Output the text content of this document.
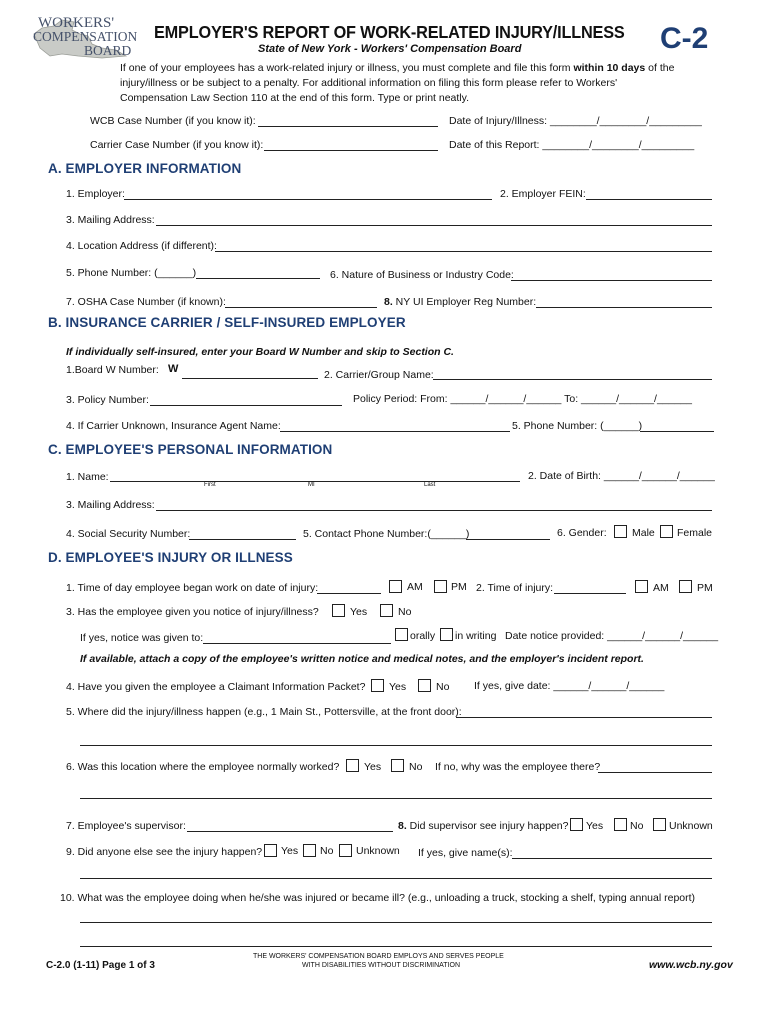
WORKERS'
COMPENSATION
BOARD
EMPLOYER'S REPORT OF WORK-RELATED INJURY/ILLNESS
State of New York - Workers' Compensation Board	C-2
If one of your employees has a work-related injury or illness, you must complete and file this form within 10 days of the
injury/illness or be subject to a penalty. For additional information on filing this form please refer to Workers'
Compensation Law Section 110 at the end of this form. Type or print neatly.
WCB Case Number (if you know it):	Date of Injury/Illness: ________/________/_________
Carrier Case Number (if you know it):	Date of this Report: ________/________/_________
A. EMPLOYER INFORMATION
1. Employer:	2. Employer FEIN:
3. Mailing Address:
4. Location Address (if different):
5. Phone Number: (______)	6. Nature of Business or Industry Code:
7. OSHA Case Number (if known):	8. NY UI Employer Reg Number:
B. INSURANCE CARRIER / SELF-INSURED EMPLOYER
If individually self-insured, enter your Board W Number and skip to Section C.
1.Board W Number: W	2. Carrier/Group Name:
3. Policy Number:	Policy Period: From: ______/______/______ To: ______/______/______
4. If Carrier Unknown, Insurance Agent Name:	5. Phone Number: (______)
C. EMPLOYEE'S PERSONAL INFORMATION
1. Name:
First	MI	Last
2. Date of Birth: ______/______/______
3. Mailing Address:
4. Social Security Number:	5. Contact Phone Number:(______)	6. Gender: Male Female
D. EMPLOYEE'S INJURY OR ILLNESS
1. Time of day employee began work on date of injury:	AM	PM 2. Time of injury:	AM	PM
3. Has the employee given you notice of injury/illness?	Yes	No
If yes, notice was given to:	orally in writing Date notice provided: ______/______/______
If available, attach a copy of the employee's written notice and medical notes, and the employer's incident report.
4. Have you given the employee a Claimant Information Packet? Yes	No If yes, give date: ______/______/______
5. Where did the injury/illness happen (e.g., 1 Main St., Pottersville, at the front door):
6. Was this location where the employee normally worked? Yes	No If no, why was the employee there?
7. Employee's supervisor:	8. Did supervisor see injury happen? Yes	No Unknown
9. Did anyone else see the injury happen? Yes No Unknown If yes, give name(s):
10. What was the employee doing when he/she was injured or became ill? (e.g., unloading a truck, stocking a shelf, typing annual report)
C-2.0 (1-11) Page 1 of 3
THE WORKERS' COMPENSATION BOARD EMPLOYS AND SERVES PEOPLE
WITH DISABILITIES WITHOUT DISCRIMINATION	www.wcb.ny.gov
